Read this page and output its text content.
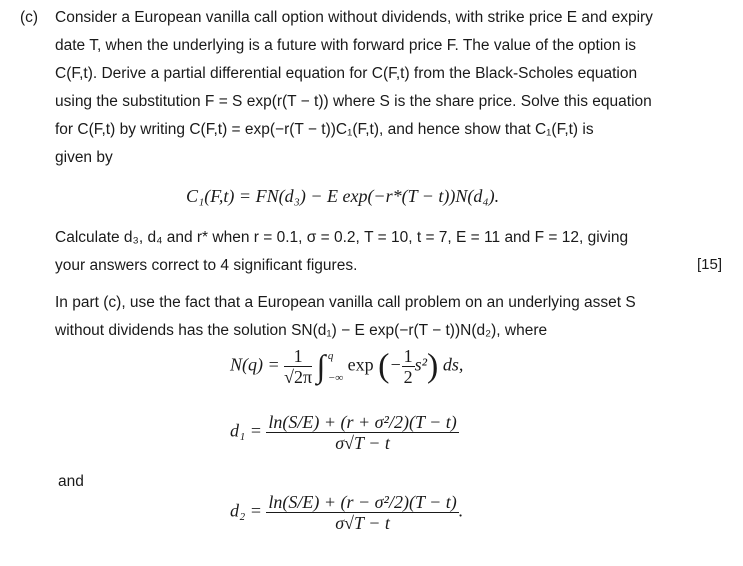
(c) Consider a European vanilla call option without dividends, with strike price E and expiry
date T, when the underlying is a future with forward price F. The value of the option is
C(F,t). Derive a partial differential equation for C(F,t) from the Black-Scholes equation
using the substitution F = S exp(r(T − t)) where S is the share price. Solve this equation
for C(F,t) by writing C(F,t) = exp(−r(T − t))C₁(F,t), and hence show that C₁(F,t) is
given by
C₁(F,t) = FN(d₃) − E exp(−r*(T − t))N(d₄).
Calculate d₃, d₄ and r* when r = 0.1, σ = 0.2, T = 10, t = 7, E = 11 and F = 12, giving
your answers correct to 4 significant figures.	[15]
In part (c), use the fact that a European vanilla call problem on an underlying asset S
without dividends has the solution SN(d₁) − E exp(−r(T − t))N(d₂), where
$N(q) = \frac{1}{√2\pi}$ ∫ q
−∞
exp (− $\frac{1}{2} s^2$) ds,
$d_1 = \frac{\text{ln(S/E) + (r + σ²/2)(T − t)}}{\sigma√T - t}$
and
$d_2 = \frac{\text{ln(S/E) + (r − σ²/2)(T − t)}}{\sigma√T - t}$ .
